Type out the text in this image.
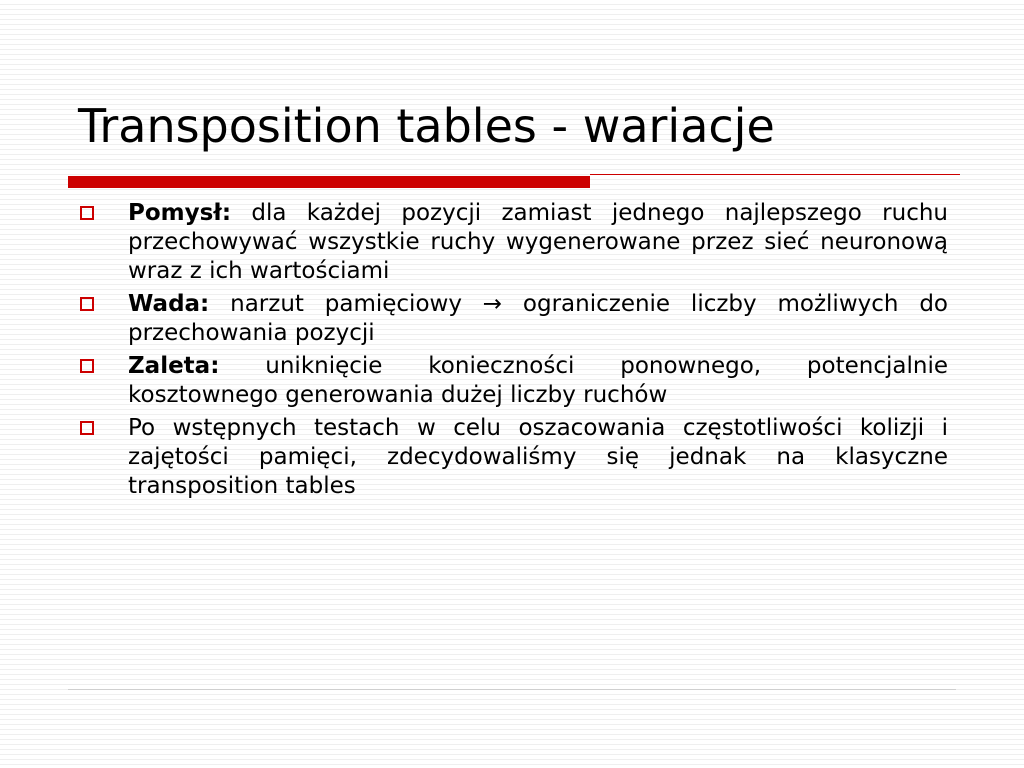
Transposition tables - wariacje
Pomysł: dla każdej pozycji zamiast jednego najlepszego ruchu przechowywać wszystkie ruchy wygenerowane przez sieć neuronową wraz z ich wartościami
Wada: narzut pamięciowy → ograniczenie liczby możliwych do przechowania pozycji
Zaleta: uniknięcie konieczności ponownego, potencjalnie kosztownego generowania dużej liczby ruchów
Po wstępnych testach w celu oszacowania częstotliwości kolizji i zajętości pamięci, zdecydowaliśmy się jednak na klasyczne transposition tables
